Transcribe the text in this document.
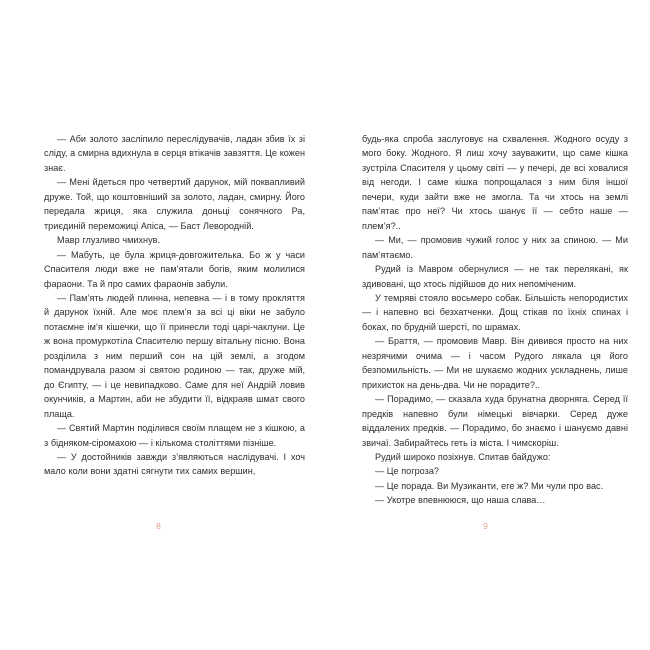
— Аби золото засліпило переслідувачів, ладан збив їх зі сліду, а смирна вдихнула в серця втікачів завзяття. Це кожен знає.

— Мені йдеться про четвертий дарунок, мій поквапливий друже. Той, що коштовніший за золото, ладан, смирну. Його передала жриця, яка служила доньці сонячного Ра, триєдиній переможиці Апіса, — Баст Левородній.

Мавр глузливо чмихнув.

— Мабуть, це була жриця-довгожителька. Бо ж у часи Спасителя люди вже не пам’ятали богів, яким молилися фараони. Та й про самих фараонів забули.

— Пам’ять людей плинна, непевна — і в тому прокляття й дарунок їхній. Але моє плем’я за всі ці віки не забуло потаємне ім’я кішечки, що її принесли тоді царі-чаклуни. Це ж вона промуркотіла Спасителю першу вітальну пісню. Вона розділила з ним перший сон на цій землі, а згодом помандрувала разом зі святою родиною — так, друже мій, до Єгипту, — і це невипадково. Саме для неї Андрій ловив окунчиків, а Мартин, аби не збудити її, відкраяв шмат свого плаща.

— Святий Мартин поділився своїм плащем не з кішкою, а з бідняком-сіромахою — і кількома століттями пізніше.

— У достойників завжди з’являються наслідувачі. І хоч мало коли вони здатні сягнути тих самих вершин,

8

будь-яка спроба заслуговує на схвалення. Жодного осуду з мого боку. Жодного. Я лиш хочу зауважити, що саме кішка зустріла Спасителя у цьому світі — у печері, де всі ховалися від негоди. І саме кішка попрощалася з ним біля іншої печери, куди зайти вже не змогла. Та чи хтось на землі пам’ятає про неї? Чи хтось шанує її — себто наше — плем’я?..

— Ми, — промовив чужий голос у них за спиною. — Ми пам’ятаємо.

Рудий із Мавром обернулися — не так перелякані, як здивовані, що хтось підійшов до них непоміченим.

У темряві стояло восьмеро собак. Більшість непородистих — і напевно всі безхатченки. Дощ стікав по їхніх спинах і боках, по брудній шерсті, по шрамах.

— Браття, — промовив Мавр. Він дивився просто на них незрячими очима — і часом Рудого лякала ця його безпомильність. — Ми не шукаємо жодних ускладнень, лише прихисток на день-два. Чи не порадите?..

— Порадимо, — сказала худа брунатна дворняга. Серед її предків напевно були німецькі вівчарки. Серед дуже віддалених предків. — Порадимо, бо знаємо і шануємо давні звичаї. Забирайтесь геть із міста. І чимскоріш.

Рудий широко позіхнув. Спитав байдужо:

— Це погроза?

— Це порада. Ви Музиканти, еге ж? Ми чули про вас.

— Укотре впевнююся, що наша слава…

9
